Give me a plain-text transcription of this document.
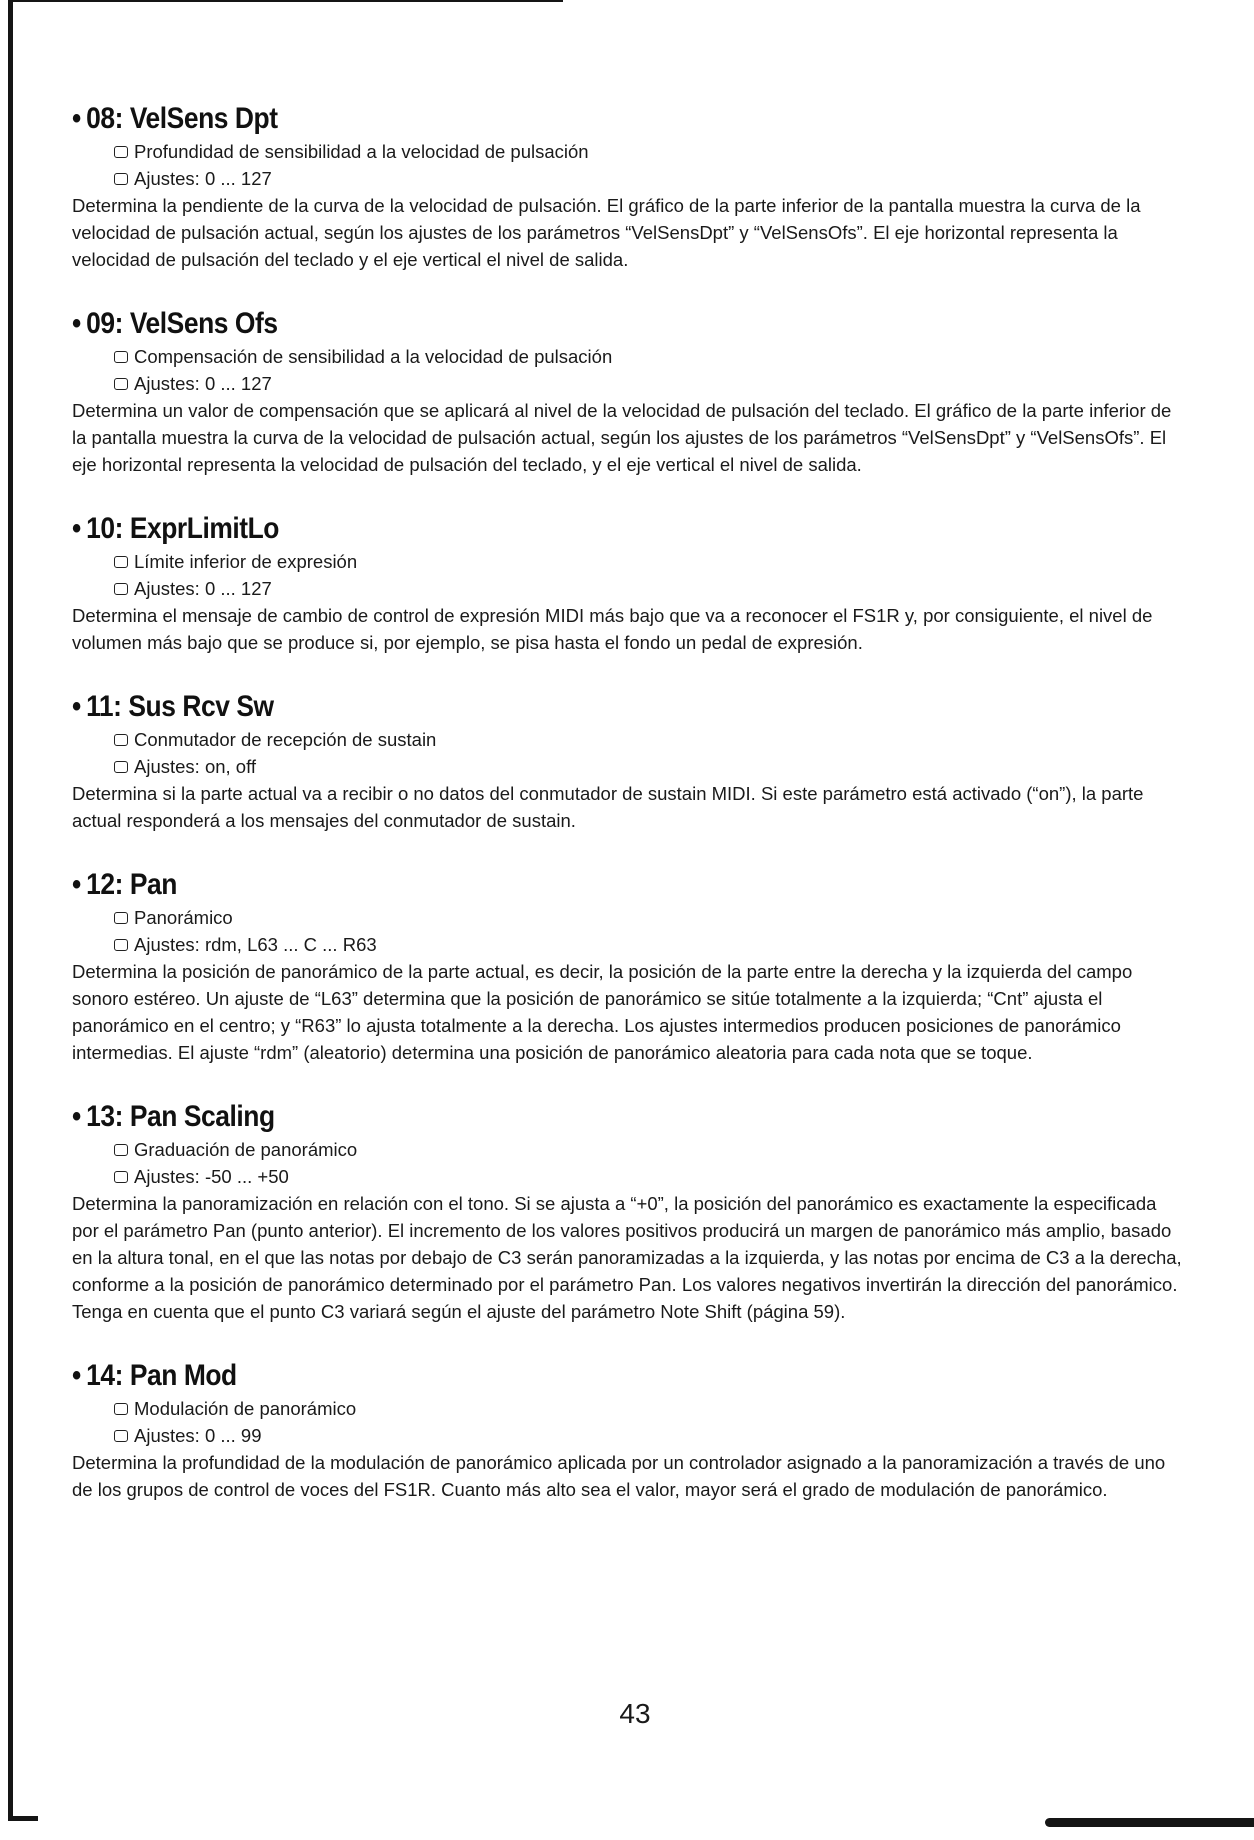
• 08: VelSens Dpt
Profundidad de sensibilidad a la velocidad de pulsación
Ajustes: 0 ... 127

Determina la pendiente de la curva de la velocidad de pulsación. El gráfico de la parte inferior de la pantalla muestra la curva de la velocidad de pulsación actual, según los ajustes de los parámetros “VelSensDpt” y “VelSensOfs”. El eje horizontal representa la velocidad de pulsación del teclado y el eje vertical el nivel de salida.

• 09: VelSens Ofs
Compensación de sensibilidad a la velocidad de pulsación
Ajustes: 0 ... 127

Determina un valor de compensación que se aplicará al nivel de la velocidad de pulsación del teclado. El gráfico de la parte inferior de la pantalla muestra la curva de la velocidad de pulsación actual, según los ajustes de los parámetros “VelSensDpt” y “VelSensOfs”. El eje horizontal representa la velocidad de pulsación del teclado, y el eje vertical el nivel de salida.

• 10: ExprLimitLo
Límite inferior de expresión
Ajustes: 0 ... 127

Determina el mensaje de cambio de control de expresión MIDI más bajo que va a reconocer el FS1R y, por consiguiente, el nivel de volumen más bajo que se produce si, por ejemplo, se pisa hasta el fondo un pedal de expresión.

• 11: Sus Rcv Sw
Conmutador de recepción de sustain
Ajustes: on, off

Determina si la parte actual va a recibir o no datos del conmutador de sustain MIDI. Si este parámetro está activado (“on”), la parte actual responderá a los mensajes del conmutador de sustain.

• 12: Pan
Panorámico
Ajustes: rdm, L63 ... C ... R63

Determina la posición de panorámico de la parte actual, es decir, la posición de la parte entre la derecha y la izquierda del campo sonoro estéreo. Un ajuste de “L63” determina que la posición de panorámico se sitúe totalmente a la izquierda; “Cnt” ajusta el panorámico en el centro; y “R63” lo ajusta totalmente a la derecha. Los ajustes intermedios producen posiciones de panorámico intermedias. El ajuste “rdm” (aleatorio) determina una posición de panorámico aleatoria para cada nota que se toque.

• 13: Pan Scaling
Graduación de panorámico
Ajustes: -50 ... +50

Determina la panoramización en relación con el tono. Si se ajusta a “+0”, la posición del panorámico es exactamente la especificada por el parámetro Pan (punto anterior). El incremento de los valores positivos producirá un margen de panorámico más amplio, basado en la altura tonal, en el que las notas por debajo de C3 serán panoramizadas a la izquierda, y las notas por encima de C3 a la derecha, conforme a la posición de panorámico determinado por el parámetro Pan. Los valores negativos invertirán la dirección del panorámico. Tenga en cuenta que el punto C3 variará según el ajuste del parámetro Note Shift (página 59).

• 14: Pan Mod
Modulación de panorámico
Ajustes: 0 ... 99

Determina la profundidad de la modulación de panorámico aplicada por un controlador asignado a la panoramización a través de uno de los grupos de control de voces del FS1R. Cuanto más alto sea el valor, mayor será el grado de modulación de panorámico.

43
